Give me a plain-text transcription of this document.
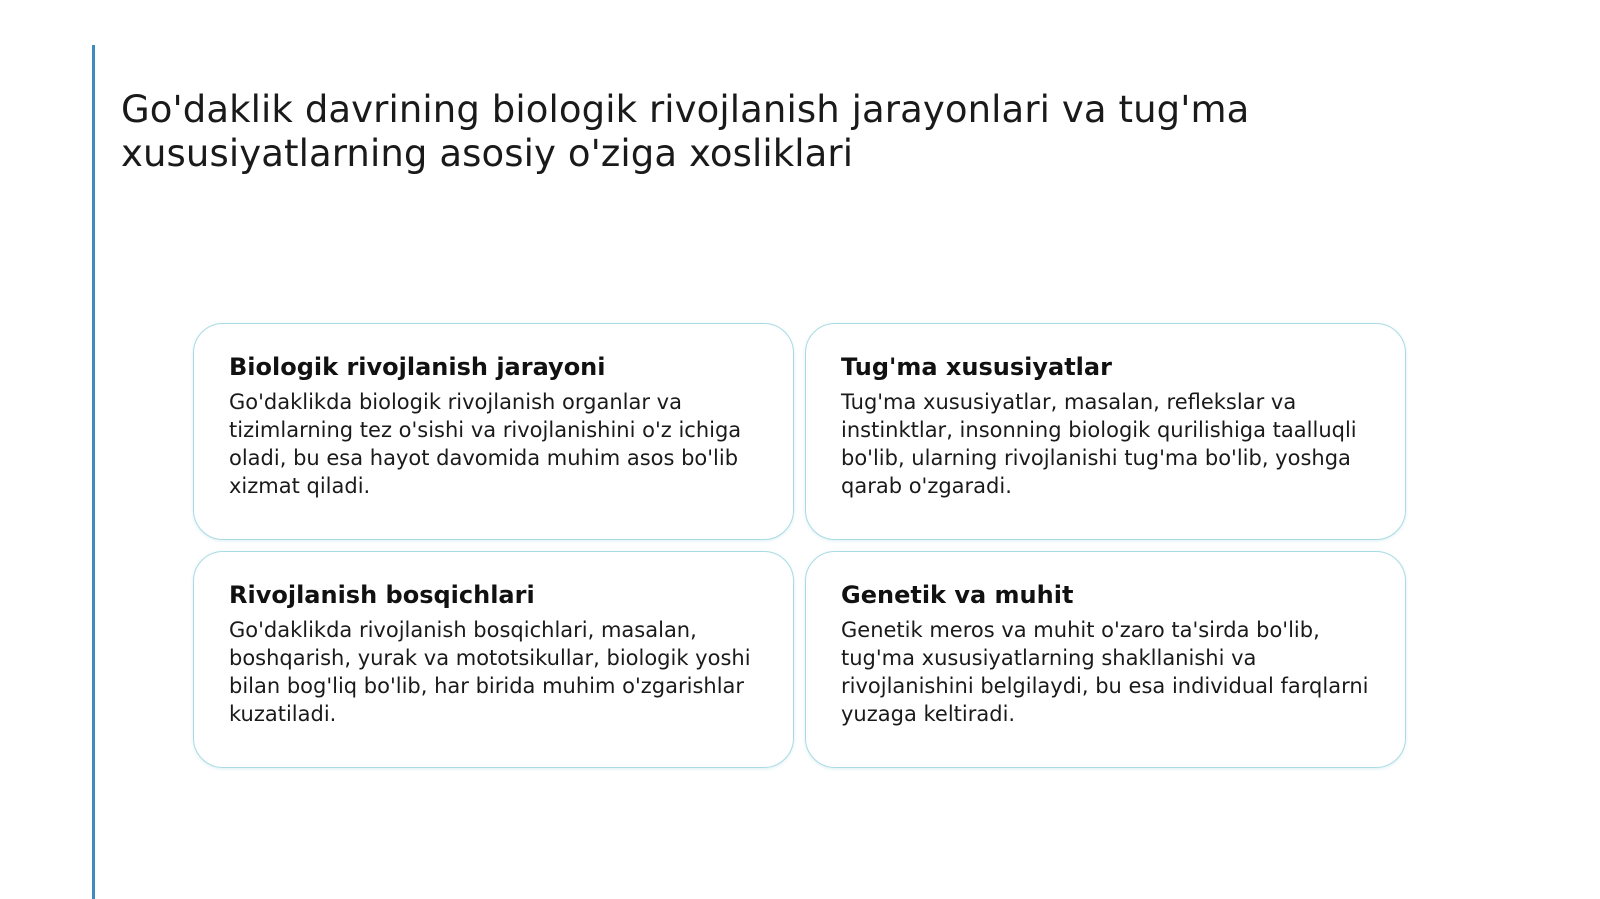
Go'daklik davrining biologik rivojlanish jarayonlari va tug'ma xususiyatlarning asosiy o'ziga xosliklari
Biologik rivojlanish jarayoni

Go'daklikda biologik rivojlanish organlar va tizimlarning tez o'sishi va rivojlanishini o'z ichiga oladi, bu esa hayot davomida muhim asos bo'lib xizmat qiladi.

Tug'ma xususiyatlar

Tug'ma xususiyatlar, masalan, reflekslar va instinktlar, insonning biologik qurilishiga taalluqli bo'lib, ularning rivojlanishi tug'ma bo'lib, yoshga qarab o'zgaradi.

Rivojlanish bosqichlari

Go'daklikda rivojlanish bosqichlari, masalan, boshqarish, yurak va mototsikullar, biologik yoshi bilan bog'liq bo'lib, har birida muhim o'zgarishlar kuzatiladi.

Genetik va muhit

Genetik meros va muhit o'zaro ta'sirda bo'lib, tug'ma xususiyatlarning shakllanishi va rivojlanishini belgilaydi, bu esa individual farqlarni yuzaga keltiradi.
